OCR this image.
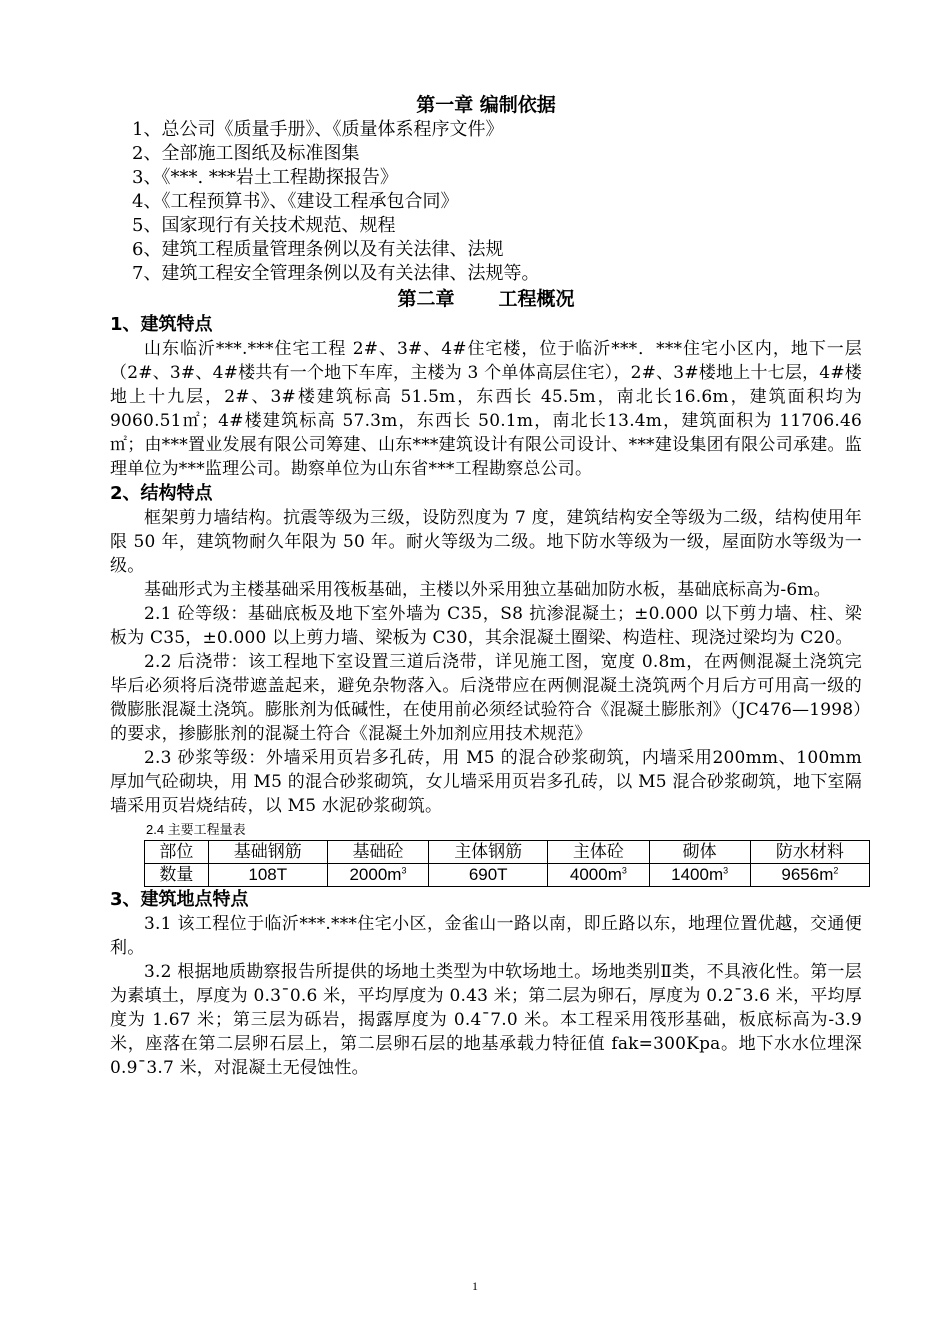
第一章 编制依据

1、总公司《质量手册》、《质量体系程序文件》

2、全部施工图纸及标准图集

3、《***. ***岩土工程勘探报告》

4、《工程预算书》、《建设工程承包合同》

5、国家现行有关技术规范、规程

6、建筑工程质量管理条例以及有关法律、法规

7、建筑工程安全管理条例以及有关法律、法规等。

第二章 工程概况

1、建筑特点

山东临沂***.***住宅工程 2#、3#、4#住宅楼，位于临沂***．***住宅小区内，地下一层（2#、3#、4#楼共有一个地下车库，主楼为 3 个单体高层住宅），2#、3#楼地上十七层，4#楼地上十九层，2#、3#楼建筑标高 51.5m，东西长 45.5m，南北长16.6m，建筑面积均为 9060.51㎡；4#楼建筑标高 57.3m，东西长 50.1m，南北长13.4m，建筑面积为 11706.46㎡；由***置业发展有限公司筹建、山东***建筑设计有限公司设计、***建设集团有限公司承建。监理单位为***监理公司。勘察单位为山东省***工程勘察总公司。

2、结构特点

框架剪力墙结构。抗震等级为三级，设防烈度为 7 度，建筑结构安全等级为二级，结构使用年限 50 年，建筑物耐久年限为 50 年。耐火等级为二级。地下防水等级为一级，屋面防水等级为一级。

基础形式为主楼基础采用筏板基础，主楼以外采用独立基础加防水板，基础底标高为-6m。

2.1 砼等级：基础底板及地下室外墙为 C35，S8 抗渗混凝土；±0.000 以下剪力墙、柱、梁板为 C35，±0.000 以上剪力墙、梁板为 C30，其余混凝土圈梁、构造柱、现浇过梁均为 C20。

2.2 后浇带：该工程地下室设置三道后浇带，详见施工图，宽度 0.8m，在两侧混凝土浇筑完毕后必须将后浇带遮盖起来，避免杂物落入。后浇带应在两侧混凝土浇筑两个月后方可用高一级的微膨胀混凝土浇筑。膨胀剂为低碱性，在使用前必须经试验符合《混凝土膨胀剂》（JC476—1998）的要求，掺膨胀剂的混凝土符合《混凝土外加剂应用技术规范》

2.3 砂浆等级：外墙采用页岩多孔砖，用 M5 的混合砂浆砌筑，内墙采用200mm、100mm 厚加气砼砌块，用 M5 的混合砂浆砌筑，女儿墙采用页岩多孔砖，以 M5 混合砂浆砌筑，地下室隔墙采用页岩烧结砖，以 M5 水泥砂浆砌筑。

2.4 主要工程量表

部位	基础钢筋	基础砼	主体钢筋	主体砼	砌体	防水材料
数量	108T	$2000m^3$	690T	$4000m^3$	$1400m^3$	$9656m^2$

3、建筑地点特点

3.1 该工程位于临沂***.***住宅小区，金雀山一路以南，即丘路以东，地理位置优越，交通便利。

3.2 根据地质勘察报告所提供的场地土类型为中软场地土。场地类别Ⅱ类，不具液化性。第一层为素填土，厚度为 0.3¯0.6 米，平均厚度为 0.43 米；第二层为卵石，厚度为 0.2¯3.6 米，平均厚度为 1.67 米；第三层为砾岩，揭露厚度为 0.4¯7.0 米。本工程采用筏形基础，板底标高为-3.9 米，座落在第二层卵石层上，第二层卵石层的地基承载力特征值 fak=300Kpa。地下水水位埋深 0.9¯3.7 米，对混凝土无侵蚀性。

1
